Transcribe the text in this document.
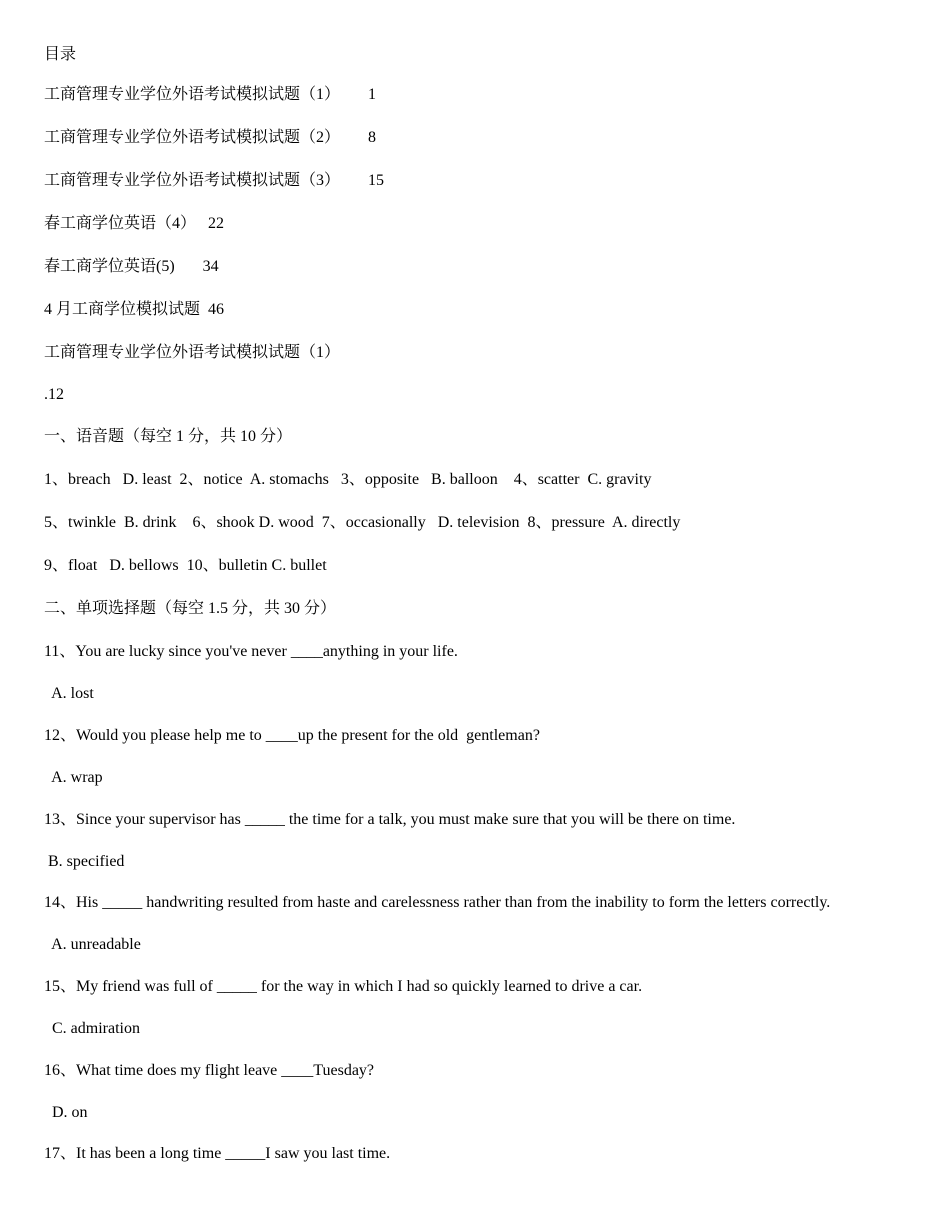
目录
工商管理专业学位外语考试模拟试题（1）       1
工商管理专业学位外语考试模拟试题（2）       8
工商管理专业学位外语考试模拟试题（3）       15
春工商学位英语（4）   22
春工商学位英语(5)       34
4 月工商学位模拟试题  46
工商管理专业学位外语考试模拟试题（1）
.12
一、语音题（每空 1 分，共 10 分）
1、breach   D. least  2、notice  A. stomachs   3、opposite   B. balloon    4、scatter  C. gravity
5、twinkle  B. drink    6、shook D. wood  7、occasionally   D. television  8、pressure  A. directly
9、float   D. bellows  10、bulletin C. bullet
二、单项选择题（每空 1.5 分，共 30 分）
11、You are lucky since you've never ____anything in your life.
A. lost
12、Would you please help me to ____up the present for the old  gentleman?
A. wrap
13、Since your supervisor has _____ the time for a talk, you must make sure that you will be there on time.
B. specified
14、His _____ handwriting resulted from haste and carelessness rather than from the inability to form the letters correctly.
A. unreadable
15、My friend was full of _____ for the way in which I had so quickly learned to drive a car.
C. admiration
16、What time does my flight leave ____Tuesday?
D. on
17、It has been a long time _____I saw you last time.
